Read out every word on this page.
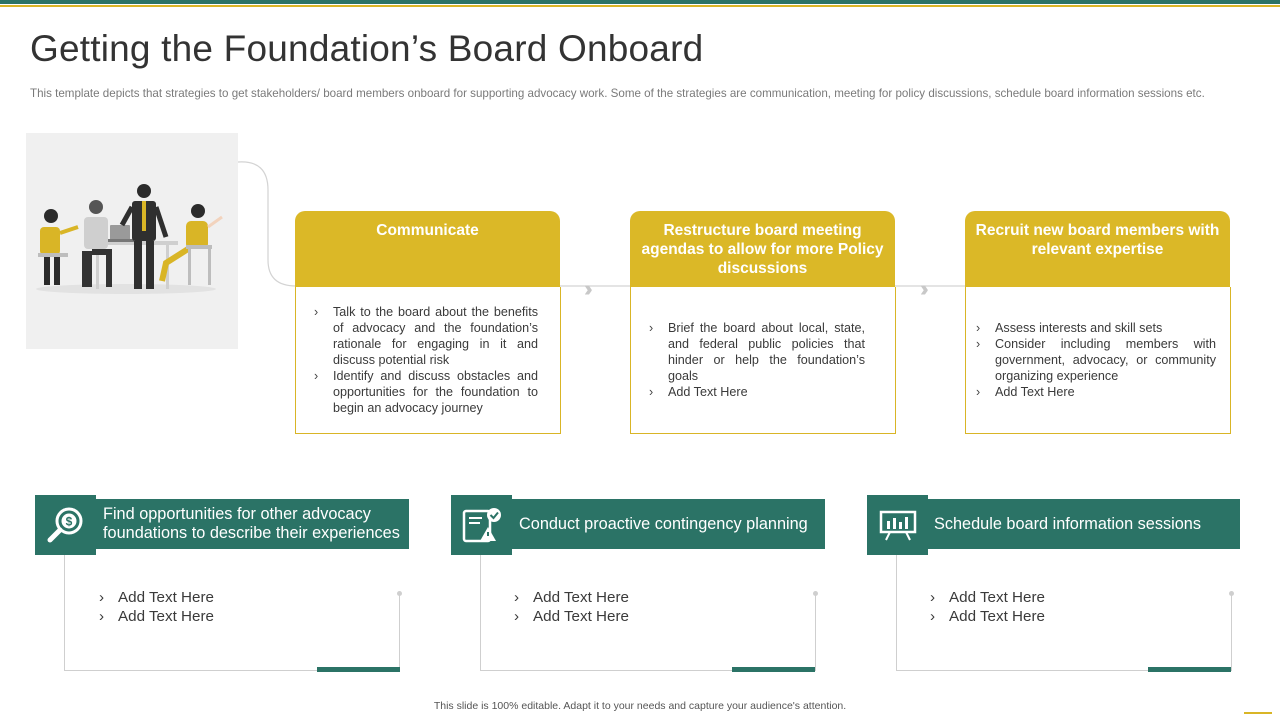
Getting the Foundation’s Board Onboard

This template depicts that strategies to get stakeholders/ board members onboard for supporting advocacy work. Some of the strategies are communication, meeting for policy discussions, schedule board information sessions etc.

Communicate
› Talk to the board about the benefits of advocacy and the foundation’s rationale for engaging in it and discuss potential risk
› Identify and discuss obstacles and opportunities for the foundation to begin an advocacy journey
››
Restructure board meeting agendas to allow for more Policy discussions
› Brief the board about local, state, and federal public policies that hinder or help the foundation’s goals
› Add Text Here
››
Recruit new board members with relevant expertise
› Assess interests and skill sets
› Consider including members with government, advocacy, or community organizing experience
› Add Text Here
$	Find opportunities for other advocacy foundations to describe their experiences
› Add Text Here
› Add Text Here
Conduct proactive contingency planning
› Add Text Here
› Add Text Here
Schedule board information sessions
› Add Text Here
› Add Text Here
This slide is 100% editable. Adapt it to your needs and capture your audience's attention.
